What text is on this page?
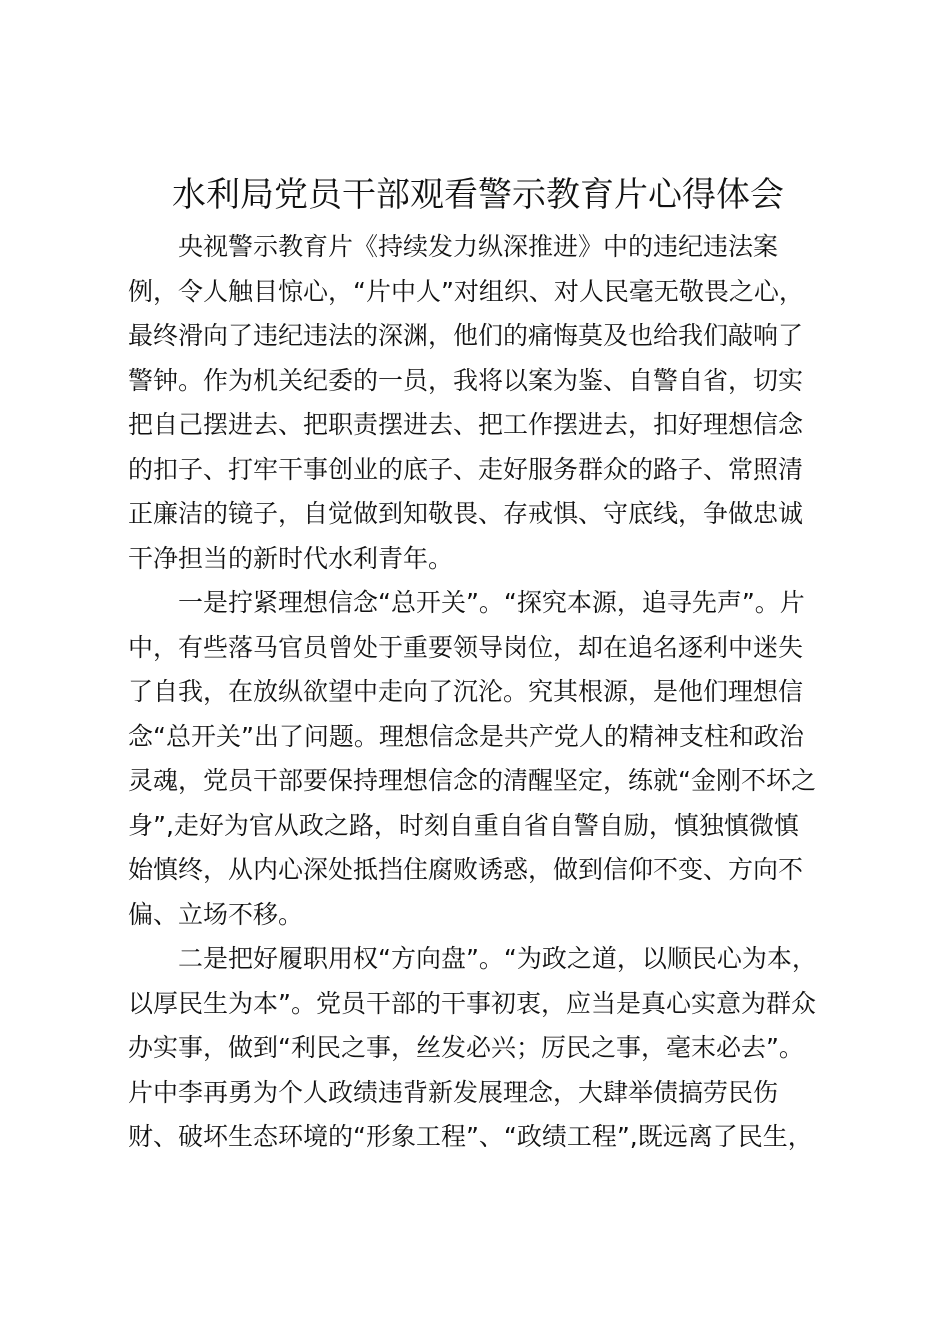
水利局党员干部观看警示教育片心得体会

央视警示教育片《持续发力纵深推进》中的违纪违法案
例，令人触目惊心，“片中人”对组织、对人民毫无敬畏之心，
最终滑向了违纪违法的深渊，他们的痛悔莫及也给我们敲响了
警钟。作为机关纪委的一员，我将以案为鉴、自警自省，切实
把自己摆进去、把职责摆进去、把工作摆进去，扣好理想信念
的扣子、打牢干事创业的底子、走好服务群众的路子、常照清
正廉洁的镜子，自觉做到知敬畏、存戒惧、守底线，争做忠诚
干净担当的新时代水利青年。

一是拧紧理想信念“总开关”。“探究本源，追寻先声”。片
中，有些落马官员曾处于重要领导岗位，却在追名逐利中迷失
了自我，在放纵欲望中走向了沉沦。究其根源，是他们理想信
念“总开关”出了问题。理想信念是共产党人的精神支柱和政治
灵魂，党员干部要保持理想信念的清醒坚定，练就“金刚不坏之
身”,走好为官从政之路，时刻自重自省自警自励，慎独慎微慎
始慎终，从内心深处抵挡住腐败诱惑，做到信仰不变、方向不
偏、立场不移。

二是把好履职用权“方向盘”。“为政之道，以顺民心为本，
以厚民生为本”。党员干部的干事初衷，应当是真心实意为群众
办实事，做到“利民之事，丝发必兴；厉民之事，毫末必去”。
片中李再勇为个人政绩违背新发展理念，大肆举债搞劳民伤
财、破坏生态环境的“形象工程”、“政绩工程”,既远离了民生，
